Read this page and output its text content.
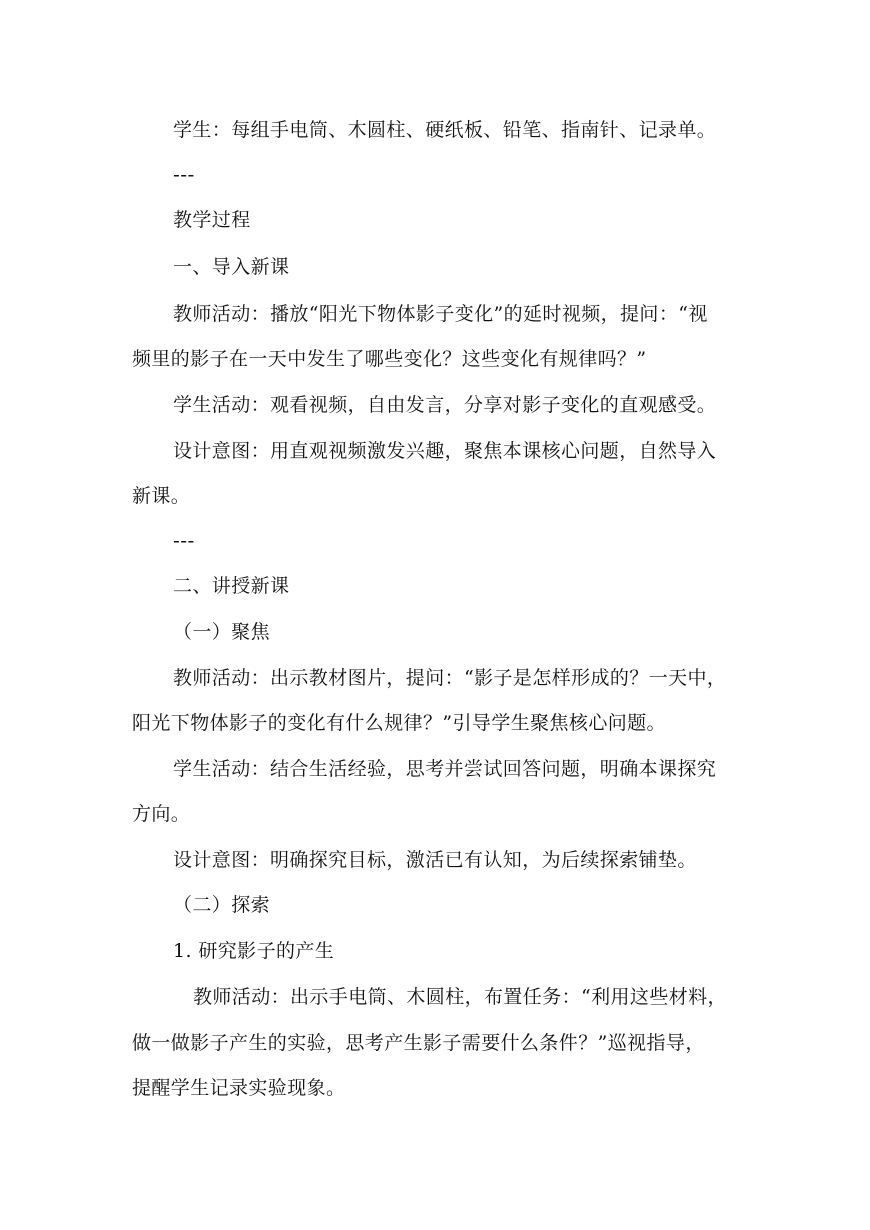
学生：每组手电筒、木圆柱、硬纸板、铅笔、指南针、记录单。
---
教学过程
一、导入新课
教师活动：播放“阳光下物体影子变化”的延时视频，提问：“视
频里的影子在一天中发生了哪些变化？这些变化有规律吗？”
学生活动：观看视频，自由发言，分享对影子变化的直观感受。
设计意图：用直观视频激发兴趣，聚焦本课核心问题，自然导入
新课。
---
二、讲授新课
（一）聚焦
教师活动：出示教材图片，提问：“影子是怎样形成的？一天中，
阳光下物体影子的变化有什么规律？”引导学生聚焦核心问题。
学生活动：结合生活经验，思考并尝试回答问题，明确本课探究
方向。
设计意图：明确探究目标，激活已有认知，为后续探索铺垫。
（二）探索
1. 研究影子的产生
教师活动：出示手电筒、木圆柱，布置任务：“利用这些材料，
做一做影子产生的实验，思考产生影子需要什么条件？”巡视指导，
提醒学生记录实验现象。
